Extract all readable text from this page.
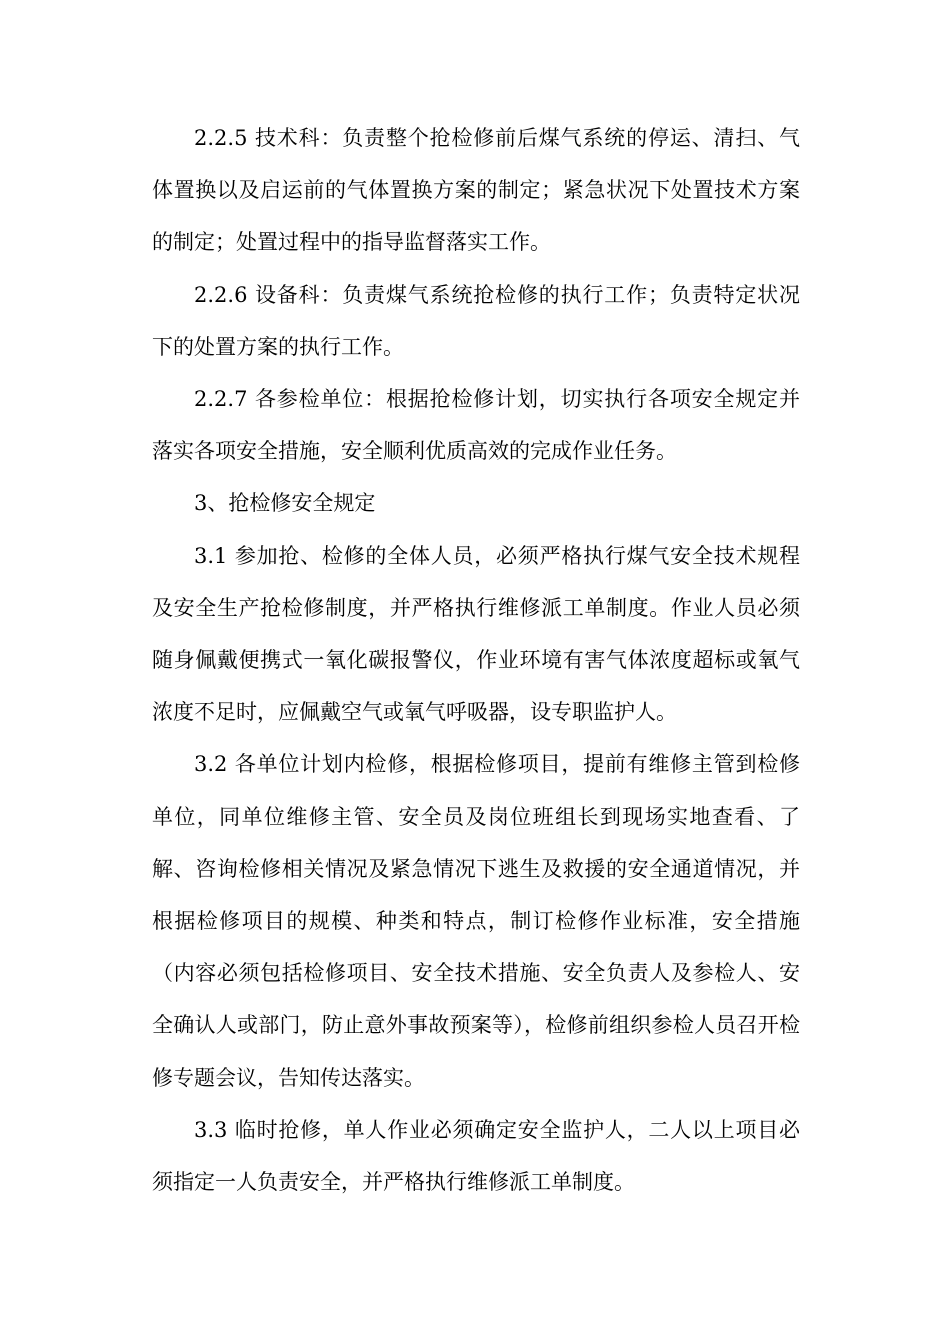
2.2.5 技术科：负责整个抢检修前后煤气系统的停运、清扫、气体置换以及启运前的气体置换方案的制定；紧急状况下处置技术方案的制定；处置过程中的指导监督落实工作。

2.2.6 设备科：负责煤气系统抢检修的执行工作；负责特定状况下的处置方案的执行工作。

2.2.7 各参检单位：根据抢检修计划，切实执行各项安全规定并落实各项安全措施，安全顺利优质高效的完成作业任务。

3、抢检修安全规定

3.1 参加抢、检修的全体人员，必须严格执行煤气安全技术规程及安全生产抢检修制度，并严格执行维修派工单制度。作业人员必须随身佩戴便携式一氧化碳报警仪，作业环境有害气体浓度超标或氧气浓度不足时，应佩戴空气或氧气呼吸器，设专职监护人。

3.2 各单位计划内检修，根据检修项目，提前有维修主管到检修单位，同单位维修主管、安全员及岗位班组长到现场实地查看、了解、咨询检修相关情况及紧急情况下逃生及救援的安全通道情况，并根据检修项目的规模、种类和特点，制订检修作业标准，安全措施（内容必须包括检修项目、安全技术措施、安全负责人及参检人、安全确认人或部门，防止意外事故预案等），检修前组织参检人员召开检修专题会议，告知传达落实。

3.3 临时抢修，单人作业必须确定安全监护人，二人以上项目必须指定一人负责安全，并严格执行维修派工单制度。
